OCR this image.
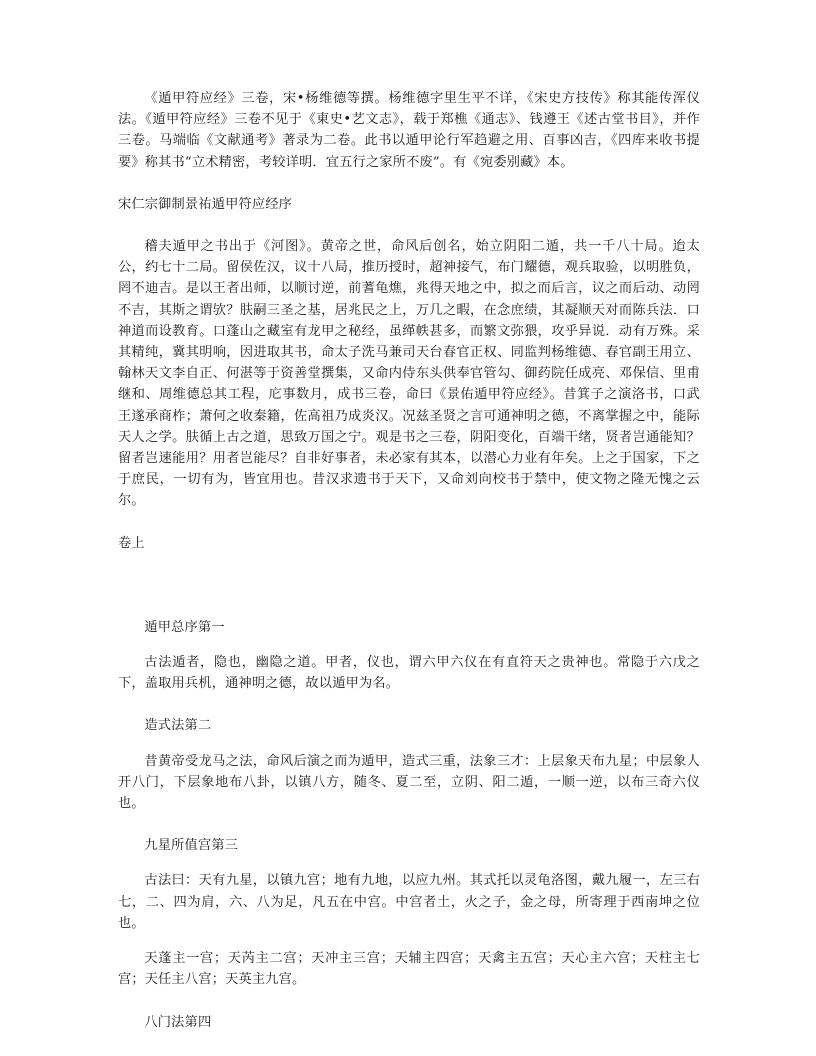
《遁甲符应经》三卷，宋•杨维德等撰。杨维德字里生平不详，《宋史方技传》称其能传浑仪法。《遁甲符应经》三卷不见于《東史•艺文志》，载于郑樵《通志》、钱遵王《述古堂书目》，并作三卷。马端临《文献通考》著录为二卷。此书以遁甲论行军趋避之用、百事凶吉，《四库来收书提要》称其书“立术精密，考较详明．宜五行之家所不废”。有《宛委别藏》本。

宋仁宗御制景祐遁甲符应经序

稽夫遁甲之书出于《河图》。黄帝之世，命风后创名，始立阴阳二遁，共一千八十局。迨太公，约七十二局。留侯佐汉，议十八局，推历授时，超神接气，布门耀德，观兵取验，以明胜负，罔不迪吉。是以王者出师，以顺讨逆，前蓍龟燋，兆得天地之中，拟之而后言，议之而后动、动罔不吉，其斯之谓欤？肤嗣三圣之基，居兆民之上，万几之暇，在念庶绩，其凝顺天对而陈兵法．口神道而设教育。口蓬山之藏室有龙甲之秘经，虽缂帙甚多，而繁文弥猥，攻乎异说．动有万殊。采其精纯，冀其明响，因进取其书，命太子洗马兼司天台春官正权、同监判杨维德、春官副王用立、翰林天文李自正、何湛等于资善堂撰集，又命内侍东头供奉官管勾、御药院任成亮、邓保信、里甫继和、周维德总其工程，庀事数月，成书三卷，命曰《景佑遁甲符应经》。昔箕子之演洛书，口武王遂承商柞；萧何之收秦籍，佐高祖乃成炎汉。况兹圣贤之言可通神明之德，不离掌握之中，能际天人之学。肤循上古之道，思致万国之宁。观是书之三卷，阴阳变化，百端干绪，贤者岂通能知？留者岂速能用？用者岂能尽？自非好事者，未必家有其本，以潜心力业有年矣。上之于国家，下之于庶民，一切有为，皆宜用也。昔汉求遗书于天下，又命刘向校书于禁中，使文物之隆无愧之云尔。

卷上

遁甲总序第一

古法遁者，隐也，幽隐之道。甲者，仪也，谓六甲六仪在有直符天之贵神也。常隐于六戊之下，盖取用兵机，通神明之德，故以遁甲为名。

造式法第二

昔黄帝受龙马之法，命风后演之而为遁甲，造式三重，法象三才：上层象天布九星；中层象人开八门，下层象地布八卦，以镇八方，随冬、夏二至，立阴、阳二遁，一顺一逆，以布三奇六仪也。

九星所值宫第三

古法曰：天有九星，以镇九宫；地有九地，以应九州。其式托以灵龟洛图，戴九履一，左三右七，二、四为肩，六、八为足，凡五在中宫。中宫者土，火之子，金之母，所寄理于西南坤之位也。

天蓬主一宫；天芮主二宫；天冲主三宫；天辅主四宫；天禽主五宫；天心主六宫；天柱主七宫；天任主八宫；天英主九宫。

八门法第四
